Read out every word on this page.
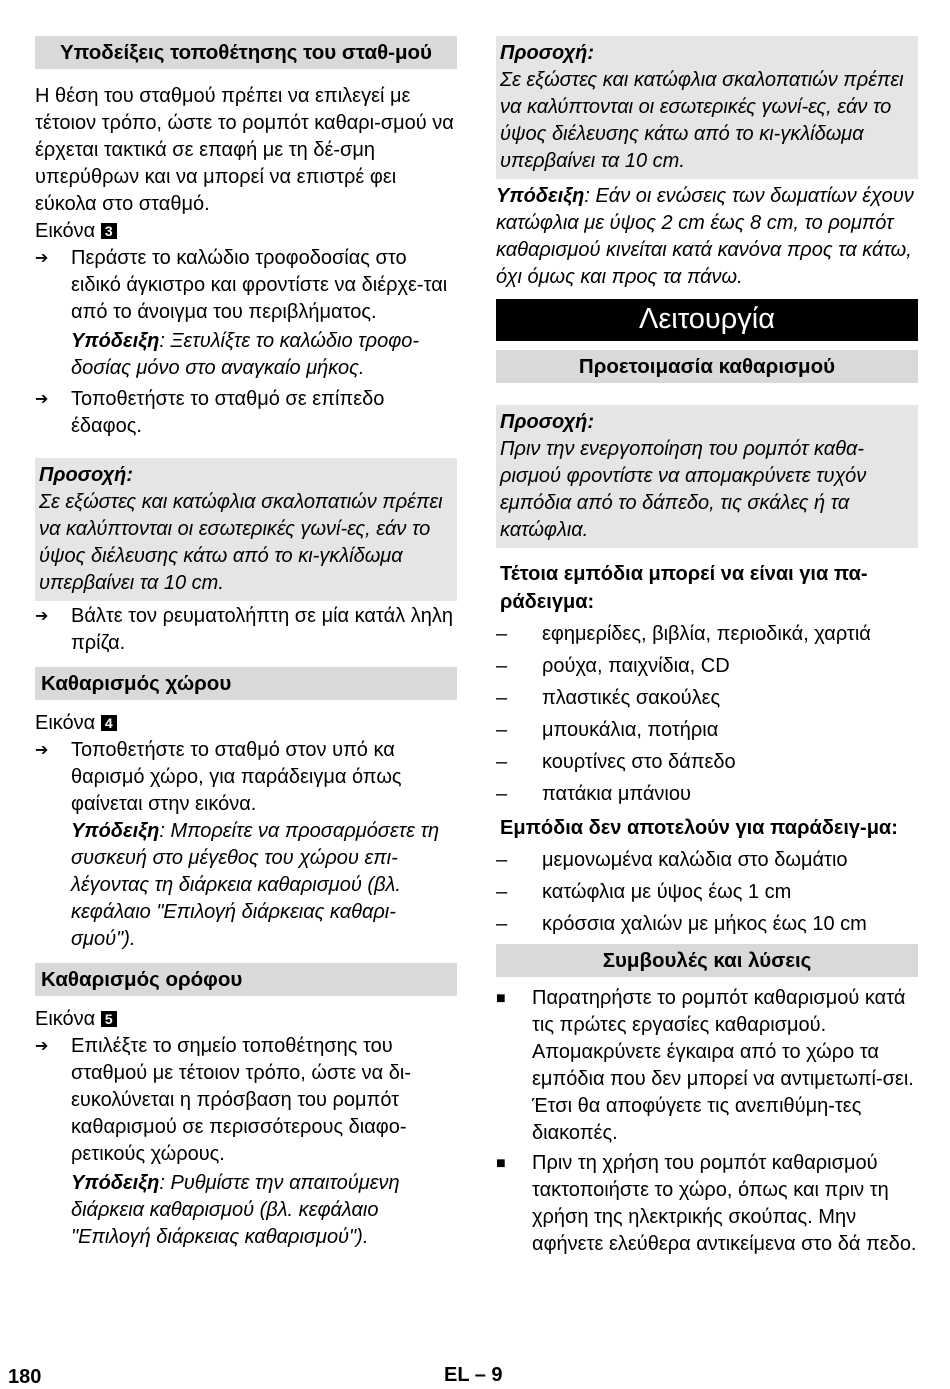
Υποδείξεις τοποθέτησης του σταθ-μού

Η θέση του σταθμού πρέπει να επιλεγεί με τέτοιον τρόπο, ώστε το ρομπότ καθαρι-σμού να έρχεται τακτικά σε επαφή με τη δέ-σμη υπερύθρων και να μπορεί να επιστρέ φει εύκολα στο σταθμό.

Εικόνα 3

➔	Περάστε το καλώδιο τροφοδοσίας στο ειδικό άγκιστρο και φροντίστε να διέρχε-ται από το άνοιγμα του περιβλήματος.

Υπόδειξη: Ξετυλίξτε το καλώδιο τροφο-δοσίας μόνο στο αναγκαίο μήκος.

➔	Τοποθετήστε το σταθμό σε επίπεδο έδαφος.
Προσοχή:
Σε εξώστες και κατώφλια σκαλοπατιών πρέπει να καλύπτονται οι εσωτερικές γωνί-ες, εάν το ύψος διέλευσης κάτω από το κι-γκλίδωμα υπερβαίνει τα 10 cm.
➔	Βάλτε τον ρευματολήπτη σε μία κατάλ ληλη πρίζα.
Καθαρισμός χώρου

Εικόνα 4

➔	Τοποθετήστε το σταθμό στον υπό κα θαρισμό χώρο, για παράδειγμα όπως φαίνεται στην εικόνα.

Υπόδειξη: Μπορείτε να προσαρμόσετε τη συσκευή στο μέγεθος του χώρου επι-λέγοντας τη διάρκεια καθαρισμού (βλ. κεφάλαιο "Επιλογή διάρκειας καθαρι-σμού").

Καθαρισμός ορόφου

Εικόνα 5

➔	Επιλέξτε το σημείο τοποθέτησης του σταθμού με τέτοιον τρόπο, ώστε να δι-ευκολύνεται η πρόσβαση του ρομπότ καθαρισμού σε περισσότερους διαφο-ρετικούς χώρους.

Υπόδειξη: Ρυθμίστε την απαιτούμενη διάρκεια καθαρισμού (βλ. κεφάλαιο "Επιλογή διάρκειας καθαρισμού").

Προσοχή:
Σε εξώστες και κατώφλια σκαλοπατιών πρέπει να καλύπτονται οι εσωτερικές γωνί-ες, εάν το ύψος διέλευσης κάτω από το κι-γκλίδωμα υπερβαίνει τα 10 cm.

Υπόδειξη: Εάν οι ενώσεις των δωματίων έχουν κατώφλια με ύψος 2 cm έως 8 cm, το ρομπότ καθαρισμού κινείται κατά κανόνα προς τα κάτω, όχι όμως και προς τα πάνω.

Λειτουργία
Προετοιμασία καθαρισμού
Προσοχή:
Πριν την ενεργοποίηση του ρομπότ καθα-ρισμού φροντίστε να απομακρύνετε τυχόν εμπόδια από το δάπεδο, τις σκάλες ή τα κατώφλια.
Τέτοια εμπόδια μπορεί να είναι για πα-ράδειγμα:
–	εφημερίδες, βιβλία, περιοδικά, χαρτιά
–	ρούχα, παιχνίδια, CD
–	πλαστικές σακούλες
–	μπουκάλια, ποτήρια
–	κουρτίνες στο δάπεδο
–	πατάκια μπάνιου
Εμπόδια δεν αποτελούν για παράδειγ-μα:
–	μεμονωμένα καλώδια στο δωμάτιο
–	κατώφλια με ύψος έως 1 cm
–	κρόσσια χαλιών με μήκος έως 10 cm
Συμβουλές και λύσεις
■	Παρατηρήστε το ρομπότ καθαρισμού κατά τις πρώτες εργασίες καθαρισμού. Απομακρύνετε έγκαιρα από το χώρο τα εμπόδια που δεν μπορεί να αντιμετωπί-σει. Έτσι θα αποφύγετε τις ανεπιθύμη-τες διακοπές.
■	Πριν τη χρήση του ρομπότ καθαρισμού τακτοποιήστε το χώρο, όπως και πριν τη χρήση της ηλεκτρικής σκούπας. Μην αφήνετε ελεύθερα αντικείμενα στο δά πεδο.
180	EL – 9
